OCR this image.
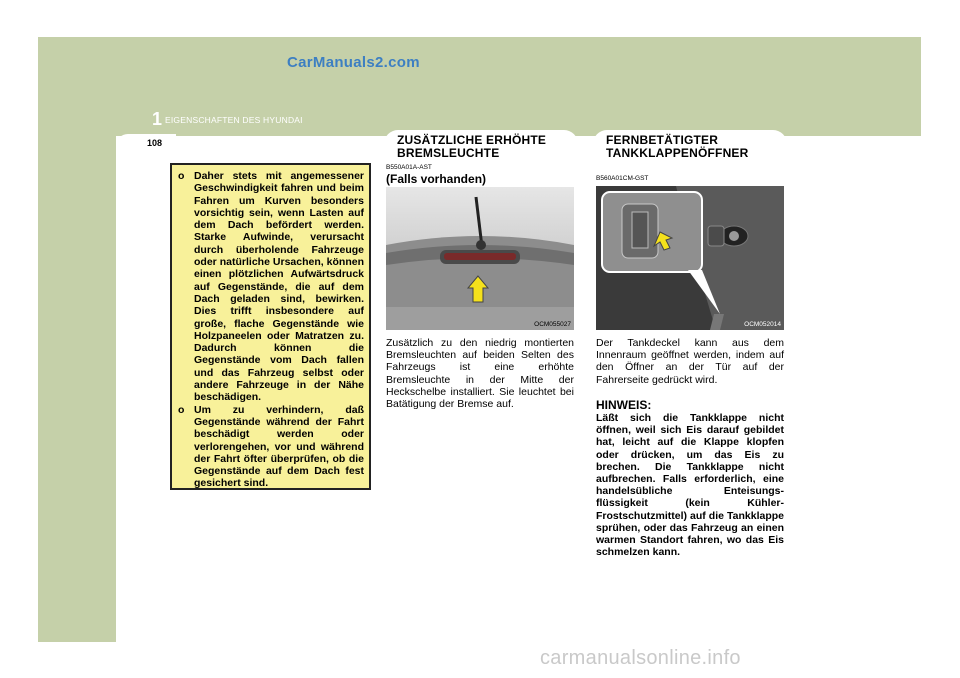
CarManuals2.com
1 EIGENSCHAFTEN DES HYUNDAI
108
o Daher stets mit angemessener Geschwindigkeit fahren und beim Fahren um Kurven besonders vorsichtig sein, wenn Lasten auf dem Dach befördert werden. Starke Aufwinde, verursacht durch überholende Fahrzeuge oder natürliche Ursachen, können einen plötzlichen Aufwärtsdruck auf Gegenstände, die auf dem Dach geladen sind, bewirken. Dies trifft insbesondere auf große, flache Gegenstände wie Holzpaneelen oder Matratzen zu. Dadurch können die Gegenstände vom Dach fallen und das Fahrzeug selbst oder andere Fahrzeuge in der Nähe beschädigen.
o Um zu verhindern, daß Gegenstände während der Fahrt beschädigt werden oder verlorengehen, vor und während der Fahrt öfter überprüfen, ob die Gegenstände auf dem Dach fest gesichert sind.
ZUSÄTZLICHE ERHÖHTE
BREMSLEUCHTE
B550A01A-AST
(Falls vorhanden)
OCM055027
Zusätzlich zu den niedrig montierten Bremsleuchten auf beiden Selten des Fahrzeugs ist eine erhöhte Bremsleuchte in der Mitte der Heckschelbe installiert. Sie leuchtet bei Batätigung der Bremse auf.
FERNBETÄTIGTER
TANKKLAPPENÖFFNER
B560A01CM-GST
OCM052014
Der Tankdeckel kann aus dem Innenraum geöffnet werden, indem auf den Öffner an der Tür auf der Fahrerseite gedrückt wird.
HINWEIS:
Läßt sich die Tankklappe nicht öffnen, weil sich Eis darauf gebildet hat, leicht auf die Klappe klopfen oder drücken, um das Eis zu brechen. Die Tankklappe nicht aufbrechen. Falls erforderlich, eine handelsübliche Enteisungs-flüssigkeit (kein Kühler-Frostschutzmittel) auf die Tankklappe sprühen, oder das Fahrzeug an einen warmen Standort fahren, wo das Eis schmelzen kann.
carmanualsonline.info
